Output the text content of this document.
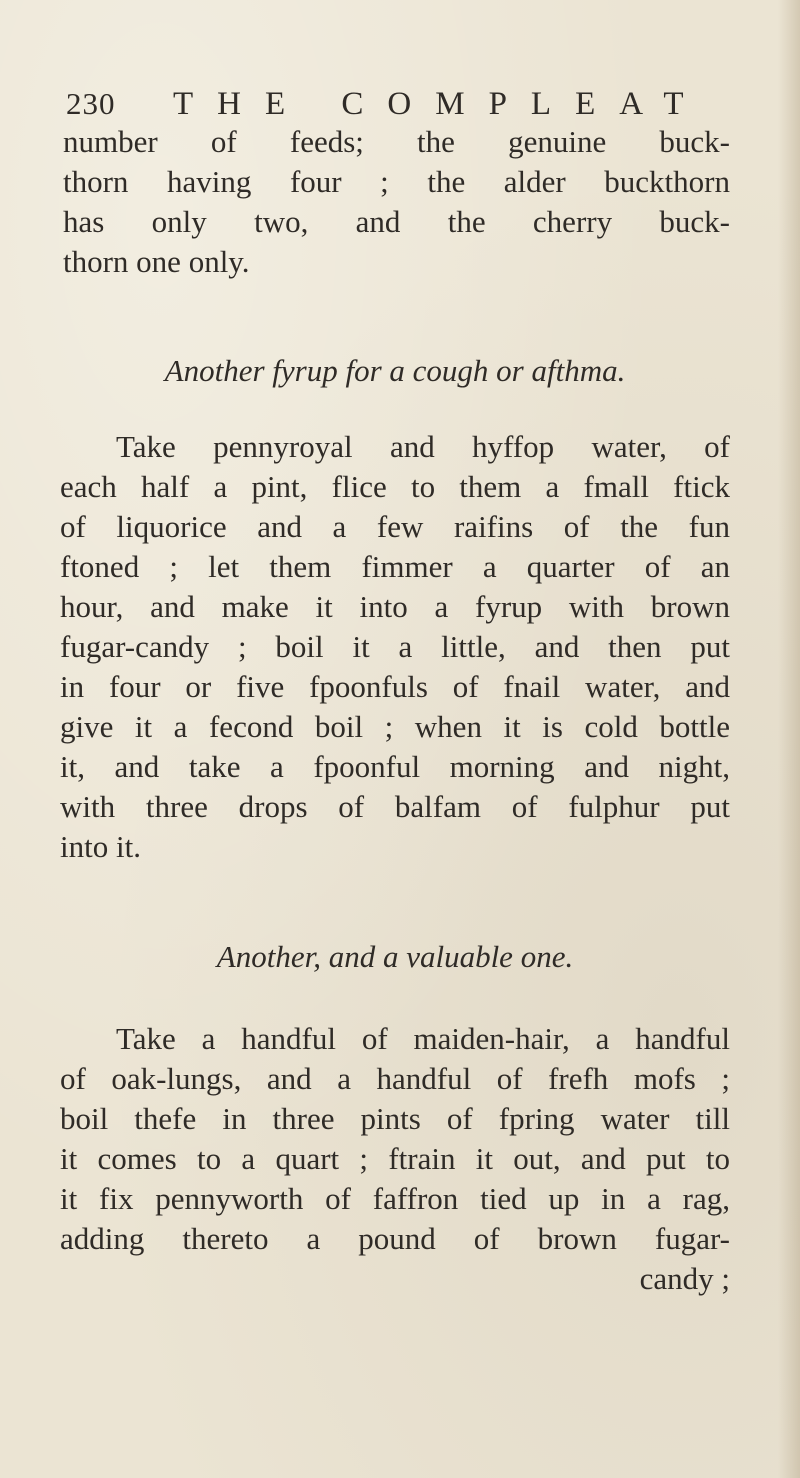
230 THE COMPLEAT
number of feeds; the genuine buck-
thorn having four ; the alder buckthorn
has only two, and the cherry buck-
thorn one only.
Another fyrup for a cough or afthma.
Take pennyroyal and hyffop water, of
each half a pint, flice to them a fmall ftick
of liquorice and a few raifins of the fun
ftoned ; let them fimmer a quarter of an
hour, and make it into a fyrup with brown
fugar-candy ; boil it a little, and then put
in four or five fpoonfuls of fnail water, and
give it a fecond boil ; when it is cold bottle
it, and take a fpoonful morning and night,
with three drops of balfam of fulphur put
into it.
Another, and a valuable one.
Take a handful of maiden-hair, a handful
of oak-lungs, and a handful of frefh mofs ;
boil thefe in three pints of fpring water till
it comes to a quart ; ftrain it out, and put to
it fix pennyworth of faffron tied up in a rag,
adding thereto a pound of brown fugar-
candy ;
